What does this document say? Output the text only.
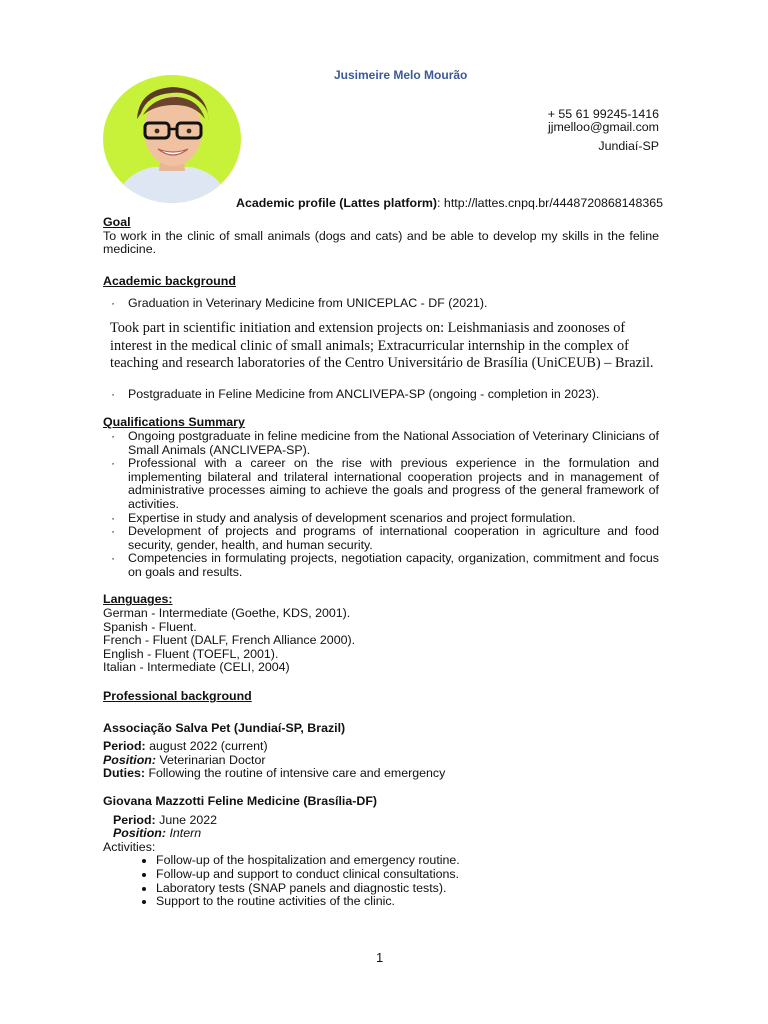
Jusimeire Melo Mourão
+ 55 61 99245-1416
jjmelloo@gmail.com
Jundiaí-SP
Academic profile (Lattes platform): http://lattes.cnpq.br/4448720868148365

Goal

To work in the clinic of small animals (dogs and cats) and be able to develop my skills in the feline medicine.

Academic background

· Graduation in Veterinary Medicine from UNICEPLAC - DF (2021).

Took part in scientific initiation and extension projects on: Leishmaniasis and zoonoses of interest in the medical clinic of small animals; Extracurricular internship in the complex of teaching and research laboratories of the Centro Universitário de Brasília (UniCEUB) – Brazil.

· Postgraduate in Feline Medicine from ANCLIVEPA-SP (ongoing - completion in 2023).

Qualifications Summary

· Ongoing postgraduate in feline medicine from the National Association of Veterinary Clinicians of Small Animals (ANCLIVEPA-SP).
· Professional with a career on the rise with previous experience in the formulation and implementing bilateral and trilateral international cooperation projects and in management of administrative processes aiming to achieve the goals and progress of the general framework of activities.
· Expertise in study and analysis of development scenarios and project formulation.
· Development of projects and programs of international cooperation in agriculture and food security, gender, health, and human security.
· Competencies in formulating projects, negotiation capacity, organization, commitment and focus on goals and results.

Languages:

German - Intermediate (Goethe, KDS, 2001).

Spanish - Fluent.

French - Fluent (DALF, French Alliance 2000).

English - Fluent (TOEFL, 2001).

Italian - Intermediate (CELI, 2004)

Professional background

Associação Salva Pet (Jundiaí-SP, Brazil)

Period: august 2022 (current)

Position: Veterinarian Doctor

Duties: Following the routine of intensive care and emergency

Giovana Mazzotti Feline Medicine (Brasília-DF)

Period: June 2022

Position: Intern

Activities:

• Follow-up of the hospitalization and emergency routine.
• Follow-up and support to conduct clinical consultations.
• Laboratory tests (SNAP panels and diagnostic tests).
• Support to the routine activities of the clinic.
1
